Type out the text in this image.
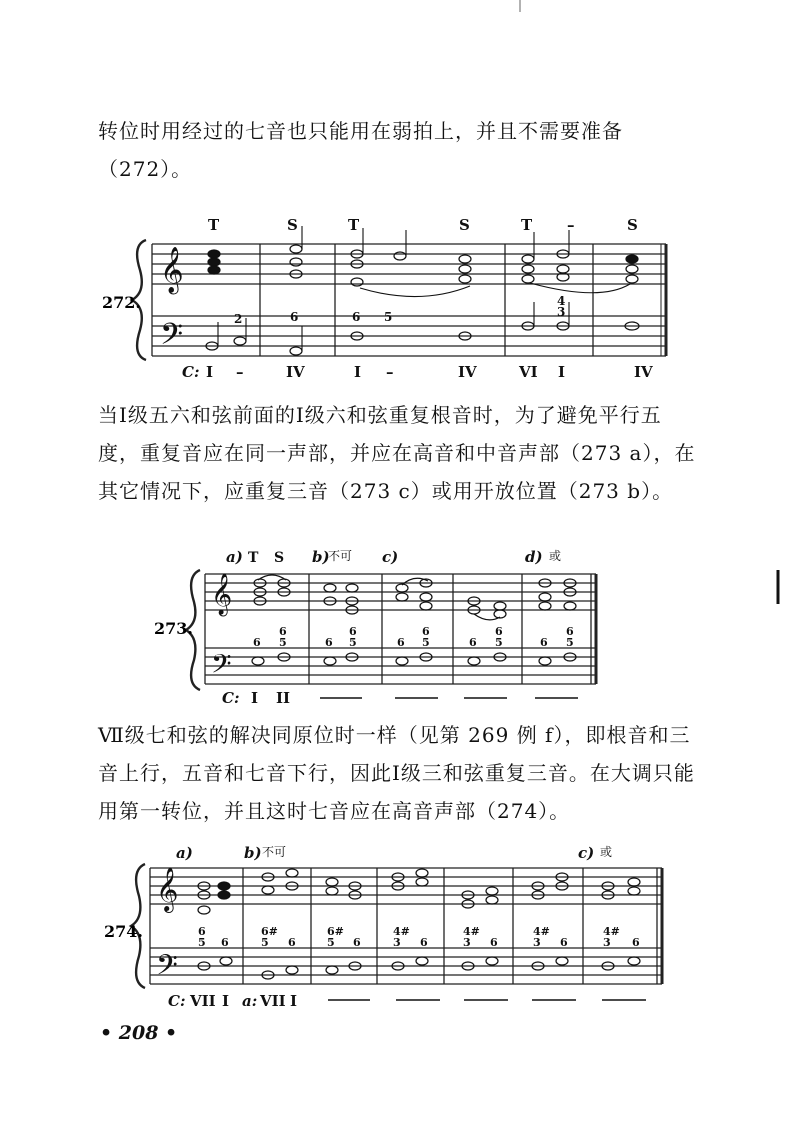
转位时用经过的七音也只能用在弱拍上，并且不需要准备（272）。
𝄞
𝄢
T	S	T	S	T –	S
2	6	6 5
4
3
272.
C: I –	IV	I –	IV	VI I	IV
当Ⅰ级五六和弦前面的Ⅰ级六和弦重复根音时，为了避免平行五度，重复音应在同一声部，并应在高音和中音声部（273 a），在其它情况下，应重复三音（273 c）或用开放位置（273 b）。
𝄞
𝄢
a)	b)	c)	d)
不可	或
T S
6
6
5	6
6
5	6
6
5	6
6
5	6
6
5
273.
C: I II
Ⅶ级七和弦的解决同原位时一样（见第 269 例 f），即根音和三音上行，五音和七音下行，因此Ⅰ级三和弦重复三音。在大调只能用第一转位，并且这时七音应在高音声部（274）。
𝄞
𝄢
a)	b)	c)
不可	或
6
5 6
6#
5 6
6#
5 6
4#
3 6
4#
3 6
4#
3 6
4#
3 6
274.
C: VII I a: VII I
• 208 •
